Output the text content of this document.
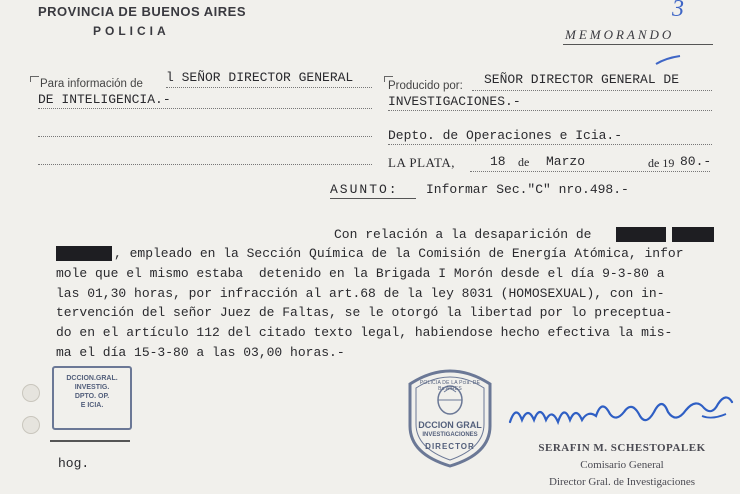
PROVINCIA DE BUENOS AIRES
POLICIA	MEMORANDO
3
Para información de l SEÑOR DIRECTOR GENERAL
DE INTELIGENCIA.-
Producido por: SEÑOR DIRECTOR GENERAL DE
INVESTIGACIONES.-
Depto. de Operaciones e Icia.-
LA PLATA,	18 de Marzo	de 19 80.-
ASUNTO: Informar Sec."C" nro.498.-
Con relación a la desaparición de
, empleado en la Sección Química de la Comisión de Energía Atómica, infor
mole que el mismo estaba  detenido en la Brigada I Morón desde el día 9-3-80 a
las 01,30 horas, por infracción al art.68 de la ley 8031 (HOMOSEXUAL), con in-
tervención del señor Juez de Faltas, se le otorgó la libertad por lo preceptua-
do en el artículo 112 del citado texto legal, habiendose hecho efectiva la mis-
ma el día 15-3-80 a las 03,00 horas.-
DCCION.GRAL.
INVESTIG.
DPTO. OP.
E ICIA.
hog.
POLICIA DE LA Pcia. DE Bs.AIRES
DCCION GRAL
INVESTIGACIONES
DIRECTOR	SERAFIN M. SCHESTOPALEK
Comisario General
Director Gral. de Investigaciones
